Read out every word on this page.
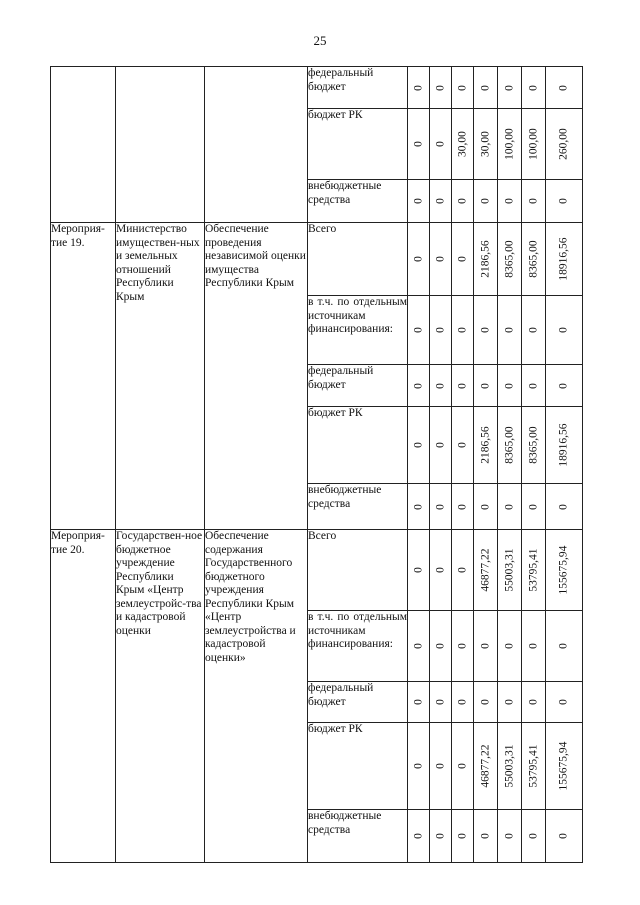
25

			федеральный бюджет	0	0	0	0	0	0	0

			бюджет РК	0	0	30,00	30,00	100,00	100,00	260,00

			внебюджетные средства	0	0	0	0	0	0	0

Мероприя-тие 19.	Министерство имуществен-ных и земельных отношений Республики Крым	Обеспечение проведения независимой оценки имущества Республики Крым	Всего	0	0	0	2186,56	8365,00	8365,00	18916,56

			в т.ч. по отдельным источникам финансирования:	0	0	0	0	0	0	0

			федеральный бюджет	0	0	0	0	0	0	0

			бюджет РК	0	0	0	2186,56	8365,00	8365,00	18916,56

			внебюджетные средства	0	0	0	0	0	0	0

Мероприя-тие 20.	Государствен-ное бюджетное учреждение Республики Крым «Центр землеустройс-тва и кадастровой оценки	Обеспечение содержания Государственного бюджетного учреждения Республики Крым «Центр землеустройства и кадастровой оценки»	Всего	0	0	0	46877,22	55003,31	53795,41	155675,94

			в т.ч. по отдельным источникам финансирования:	0	0	0	0	0	0	0

			федеральный бюджет	0	0	0	0	0	0	0

			бюджет РК	0	0	0	46877,22	55003,31	53795,41	155675,94

			внебюджетные средства	0	0	0	0	0	0	0
